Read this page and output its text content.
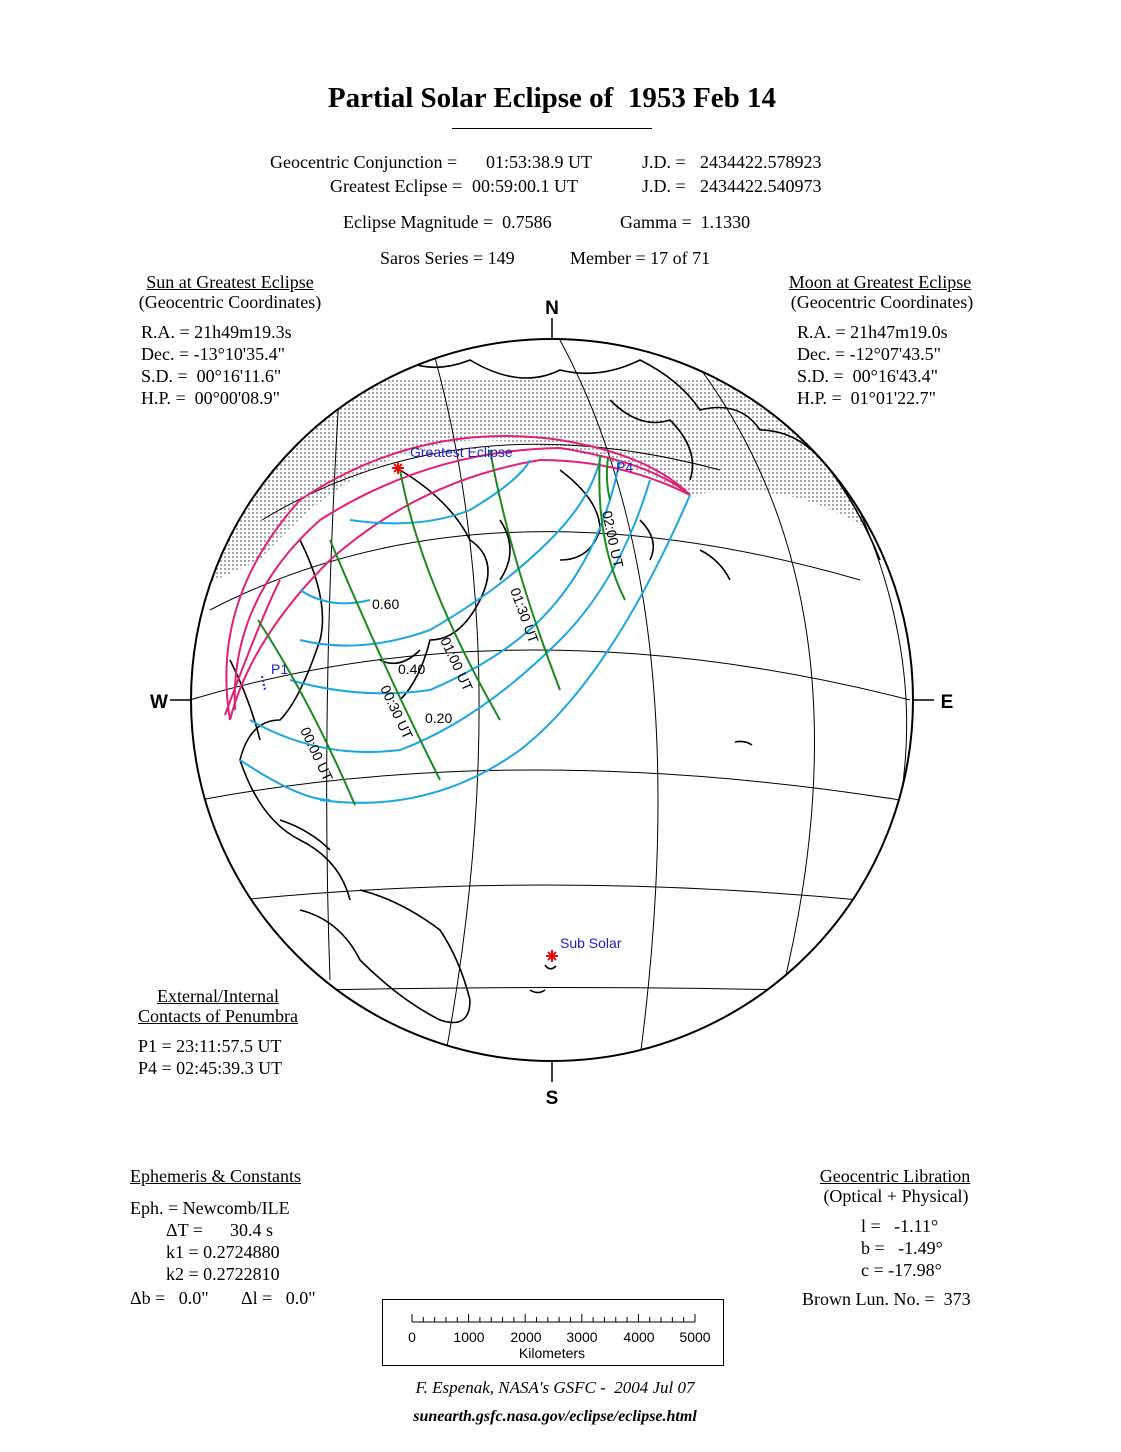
Partial Solar Eclipse of  1953 Feb 14
Geocentric Conjunction = 01:53:38.9 UT	J.D. = 2434422.578923
Greatest Eclipse = 00:59:00.1 UT	J.D. = 2434422.540973
Eclipse Magnitude =  0.7586	Gamma =  1.1330
Saros Series = 149	Member = 17 of 71
Sun at Greatest Eclipse
(Geocentric Coordinates)
R.A. = 21h49m19.3s
Dec. = -13°10'35.4"
S.D. =  00°16'11.6"
H.P. =  00°00'08.9"
Moon at Greatest Eclipse
(Geocentric Coordinates)
R.A. = 21h47m19.0s
Dec. = -12°07'43.5"
S.D. =  00°16'43.4"
H.P. =  01°01'22.7"
N
S
W	E
Greatest Eclipse
Sub Solar
P1
P4
0.60
0.40
0.20
00:00 UT
00:30 UT
01:00 UT
01:30 UT
02:00 UT
External/Internal
Contacts of Penumbra
P1 = 23:11:57.5 UT
P4 = 02:45:39.3 UT
Ephemeris & Constants
Eph. = Newcomb/ILE
ΔT = 30.4 s
k1 = 0.2724880
k2 = 0.2722810
Δb =   0.0" Δl =   0.0"
Geocentric Libration
(Optical + Physical)
l =   -1.11°
b =   -1.49°
c = -17.98°
Brown Lun. No. =  373
0	1000 2000 3000 4000 5000
Kilometers
F. Espenak, NASA's GSFC -  2004 Jul 07
sunearth.gsfc.nasa.gov/eclipse/eclipse.html
